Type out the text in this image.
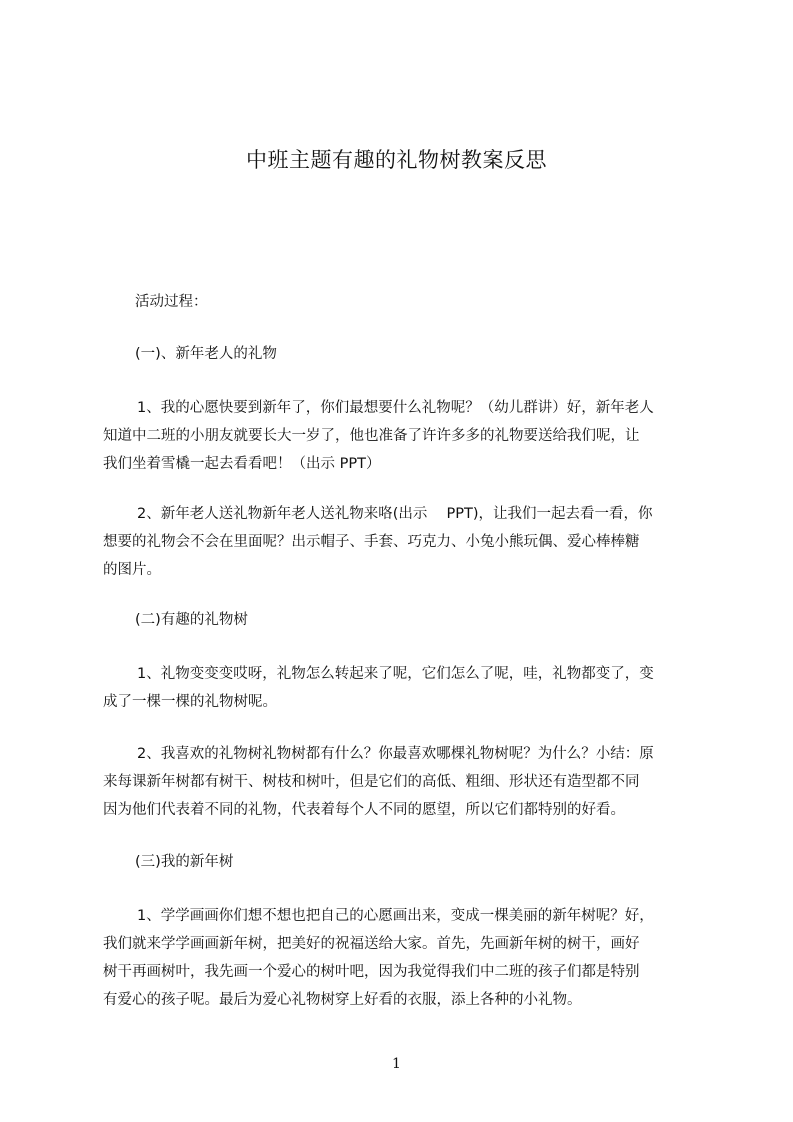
中班主题有趣的礼物树教案反思
活动过程：
(一)、新年老人的礼物
1、我的心愿快要到新年了，你们最想要什么礼物呢？（幼儿群讲）好，新年老人
知道中二班的小朋友就要长大一岁了，他也准备了许许多多的礼物要送给我们呢，让
我们坐着雪橇一起去看看吧！（出示 PPT）
2、新年老人送礼物新年老人送礼物来咯(出示　 PPT)，让我们一起去看一看，你
想要的礼物会不会在里面呢？出示帽子、手套、巧克力、小兔小熊玩偶、爱心棒棒糖
的图片。
(二)有趣的礼物树
1、礼物变变变哎呀，礼物怎么转起来了呢，它们怎么了呢，哇，礼物都变了，变
成了一棵一棵的礼物树呢。
2、我喜欢的礼物树礼物树都有什么？你最喜欢哪棵礼物树呢？为什么？小结：原
来每课新年树都有树干、树枝和树叶，但是它们的高低、粗细、形状还有造型都不同
因为他们代表着不同的礼物，代表着每个人不同的愿望，所以它们都特别的好看。
(三)我的新年树
1、学学画画你们想不想也把自己的心愿画出来，变成一棵美丽的新年树呢？好，
我们就来学学画画新年树，把美好的祝福送给大家。首先，先画新年树的树干，画好
树干再画树叶，我先画一个爱心的树叶吧，因为我觉得我们中二班的孩子们都是特别
有爱心的孩子呢。最后为爱心礼物树穿上好看的衣服，添上各种的小礼物。
1
